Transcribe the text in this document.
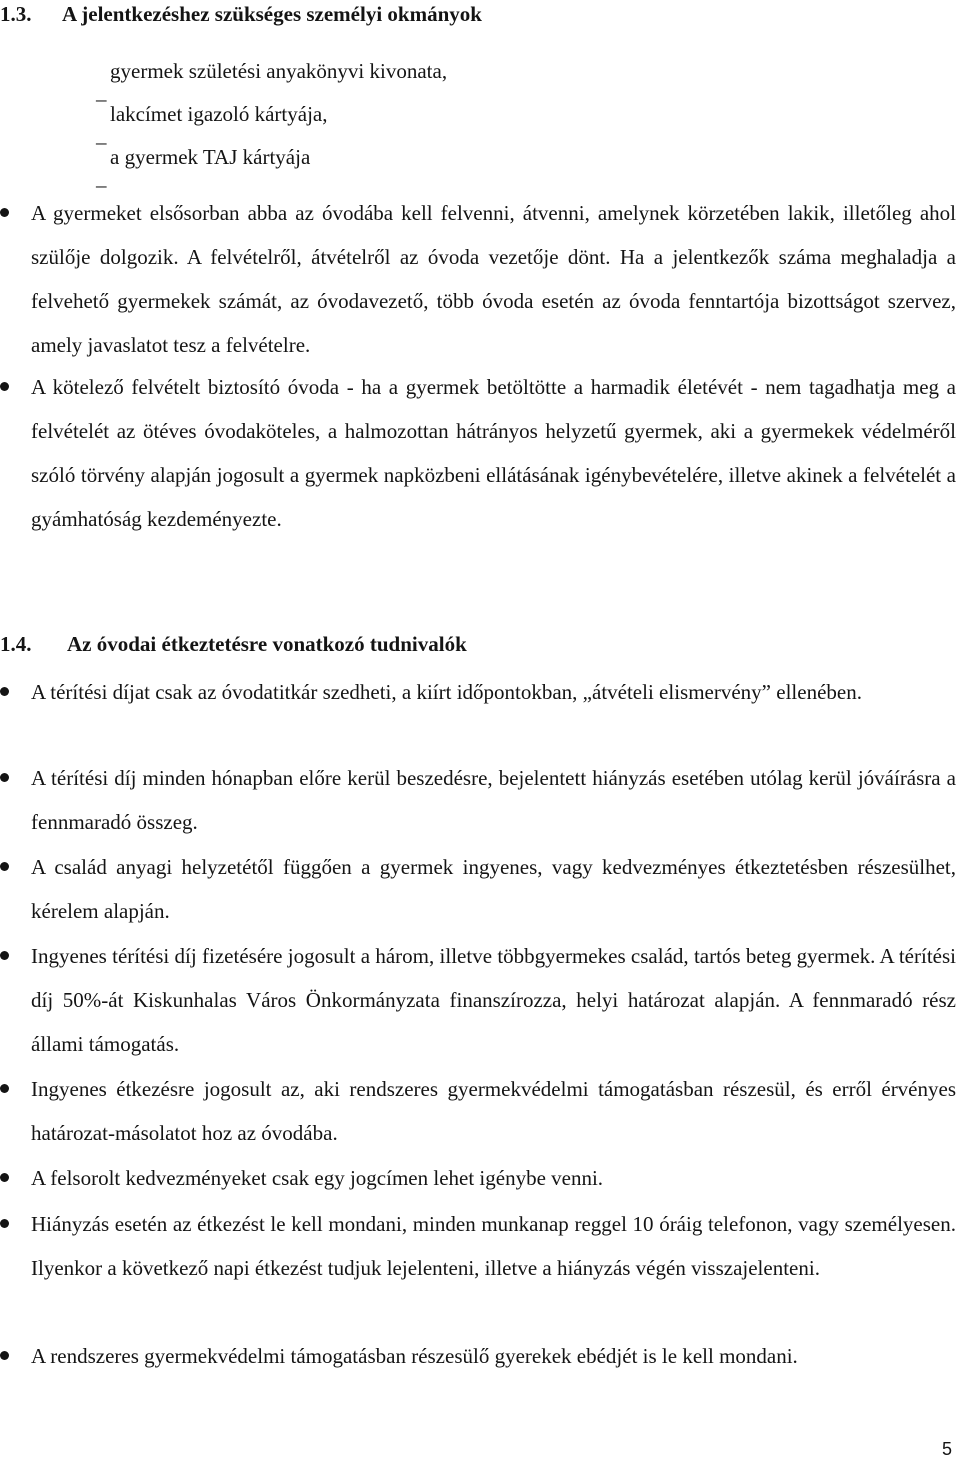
1.3. A jelentkezéshez szükséges személyi okmányok
gyermek születési anyakönyvi kivonata,
lakcímet igazoló kártyája,
a gyermek TAJ kártyája

A gyermeket elsősorban abba az óvodába kell felvenni, átvenni, amelynek körzetében lakik, illetőleg ahol szülője dolgozik. A felvételről, átvételről az óvoda vezetője dönt. Ha a jelentkezők száma meghaladja a felvehető gyermekek számát, az óvodavezető, több óvoda esetén az óvoda fenntartója bizottságot szervez, amely javaslatot tesz a felvételre.

A kötelező felvételt biztosító óvoda - ha a gyermek betöltötte a harmadik életévét - nem tagadhatja meg a felvételét az ötéves óvodaköteles, a halmozottan hátrányos helyzetű gyermek, aki a gyermekek védelméről szóló törvény alapján jogosult a gyermek napközbeni ellátásának igénybevételére, illetve akinek a felvételét a gyámhatóság kezdeményezte.

1.4. Az óvodai étkeztetésre vonatkozó tudnivalók

A térítési díjat csak az óvodatitkár szedheti, a kiírt időpontokban, „átvételi elismervény” ellenében.

A térítési díj minden hónapban előre kerül beszedésre, bejelentett hiányzás esetében utólag kerül jóváírásra a fennmaradó összeg.

A család anyagi helyzetétől függően a gyermek ingyenes, vagy kedvezményes étkeztetésben részesülhet, kérelem alapján.

Ingyenes térítési díj fizetésére jogosult a három, illetve többgyermekes család, tartós beteg gyermek. A térítési díj 50%-át Kiskunhalas Város Önkormányzata finanszírozza, helyi határozat alapján. A fennmaradó rész állami támogatás.

Ingyenes étkezésre jogosult az, aki rendszeres gyermekvédelmi támogatásban részesül, és erről érvényes határozat-másolatot hoz az óvodába.

A felsorolt kedvezményeket csak egy jogcímen lehet igénybe venni.

Hiányzás esetén az étkezést le kell mondani, minden munkanap reggel 10 óráig telefonon, vagy személyesen. Ilyenkor a következő napi étkezést tudjuk lejelenteni, illetve a hiányzás végén visszajelenteni.

A rendszeres gyermekvédelmi támogatásban részesülő gyerekek ebédjét is le kell mondani.

5
